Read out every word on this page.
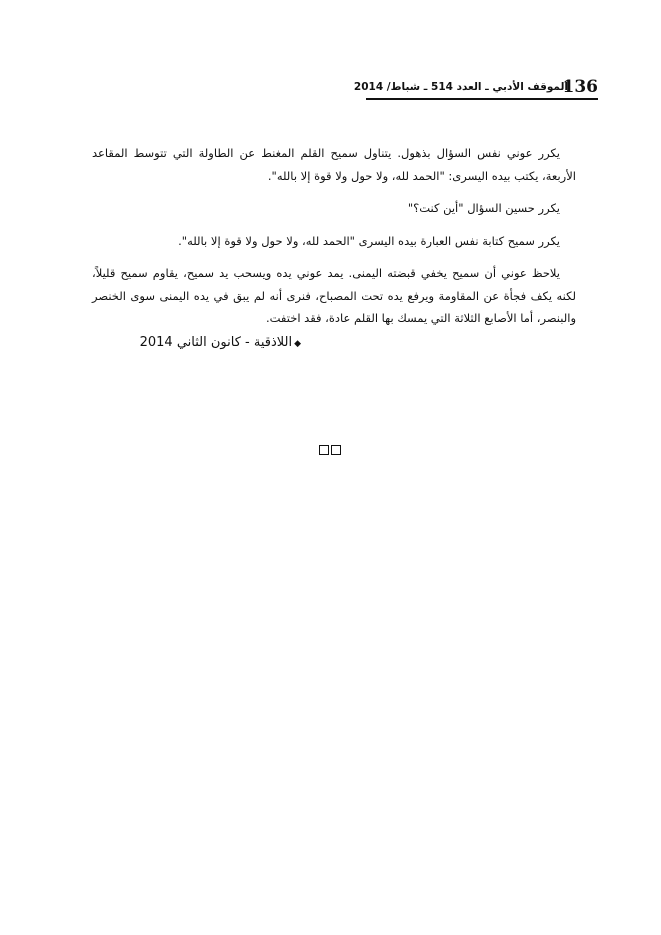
136
الموقف الأدبي ـ العدد 514 ـ شباط/ 2014

يكرر عوني نفس السؤال بذهول. يتناول سميح القلم المغنط عن الطاولة التي تتوسط المقاعد الأربعة، يكتب بيده اليسرى: "الحمد لله، ولا حول ولا قوة إلا بالله".

يكرر حسين السؤال "أين كنت؟"

يكرر سميح كتابة نفس العبارة بيده اليسرى "الحمد لله، ولا حول ولا قوة إلا بالله".

يلاحظ عوني أن سميح يخفي قبضته اليمنى. يمد عوني يده ويسحب يد سميح، يقاوم سميح قليلاً، لكنه يكف فجأة عن المقاومة ويرفع يده تحت المصباح، فنرى أنه لم يبق في يده اليمنى سوى الخنصر والبنصر، أما الأصابع الثلاثة التي يمسك بها القلم عادة، فقد اختفت.

◆اللاذقية - كانون الثاني 2014
